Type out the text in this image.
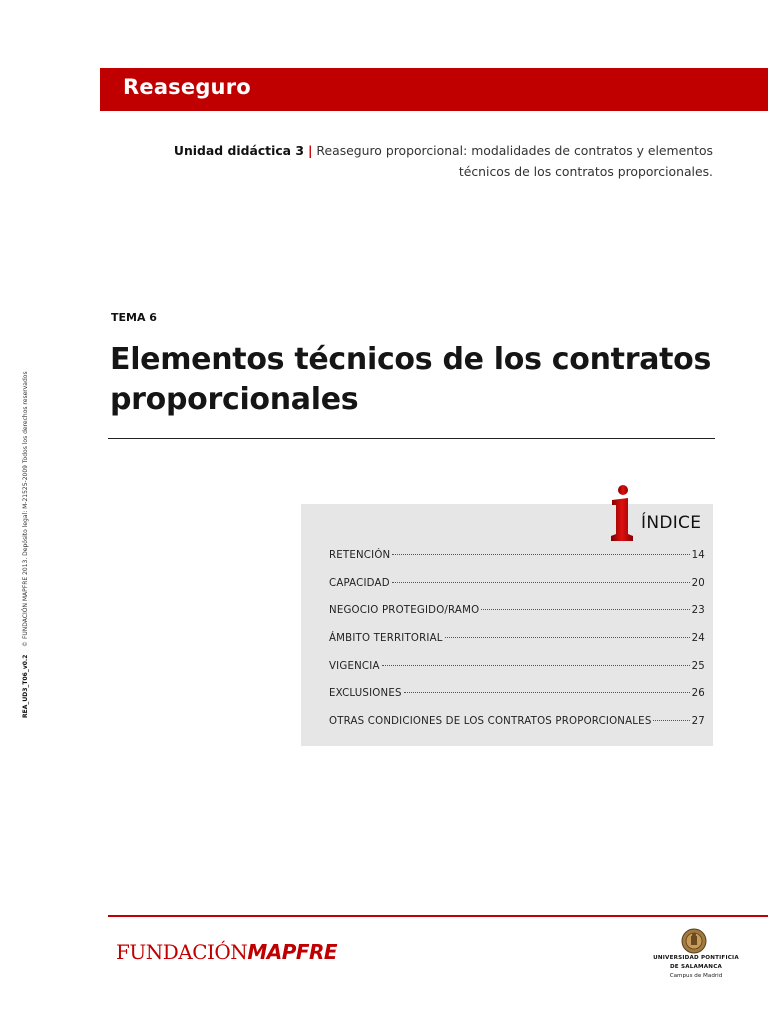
Reaseguro
Unidad didáctica 3 | Reaseguro proporcional: modalidades de contratos y elementos
técnicos de los contratos proporcionales.
TEMA 6
Elementos técnicos de los contratos
proporcionales
REA_UD3_T06_v0.2    © FUNDACIÓN MAPFRE 2013. Depósito legal: M-21525-2009 Todos los derechos reservados	ÍNDICE
RETENCIÓN	14
CAPACIDAD	20
NEGOCIO PROTEGIDO/RAMO	23
ÁMBITO TERRITORIAL	24
VIGENCIA	25
EXCLUSIONES	26
OTRAS CONDICIONES DE LOS CONTRATOS PROPORCIONALES	27
FUNDACIÓNMAPFRE	UNIVERSIDAD PONTIFICIA
DE SALAMANCA
Campus de Madrid
